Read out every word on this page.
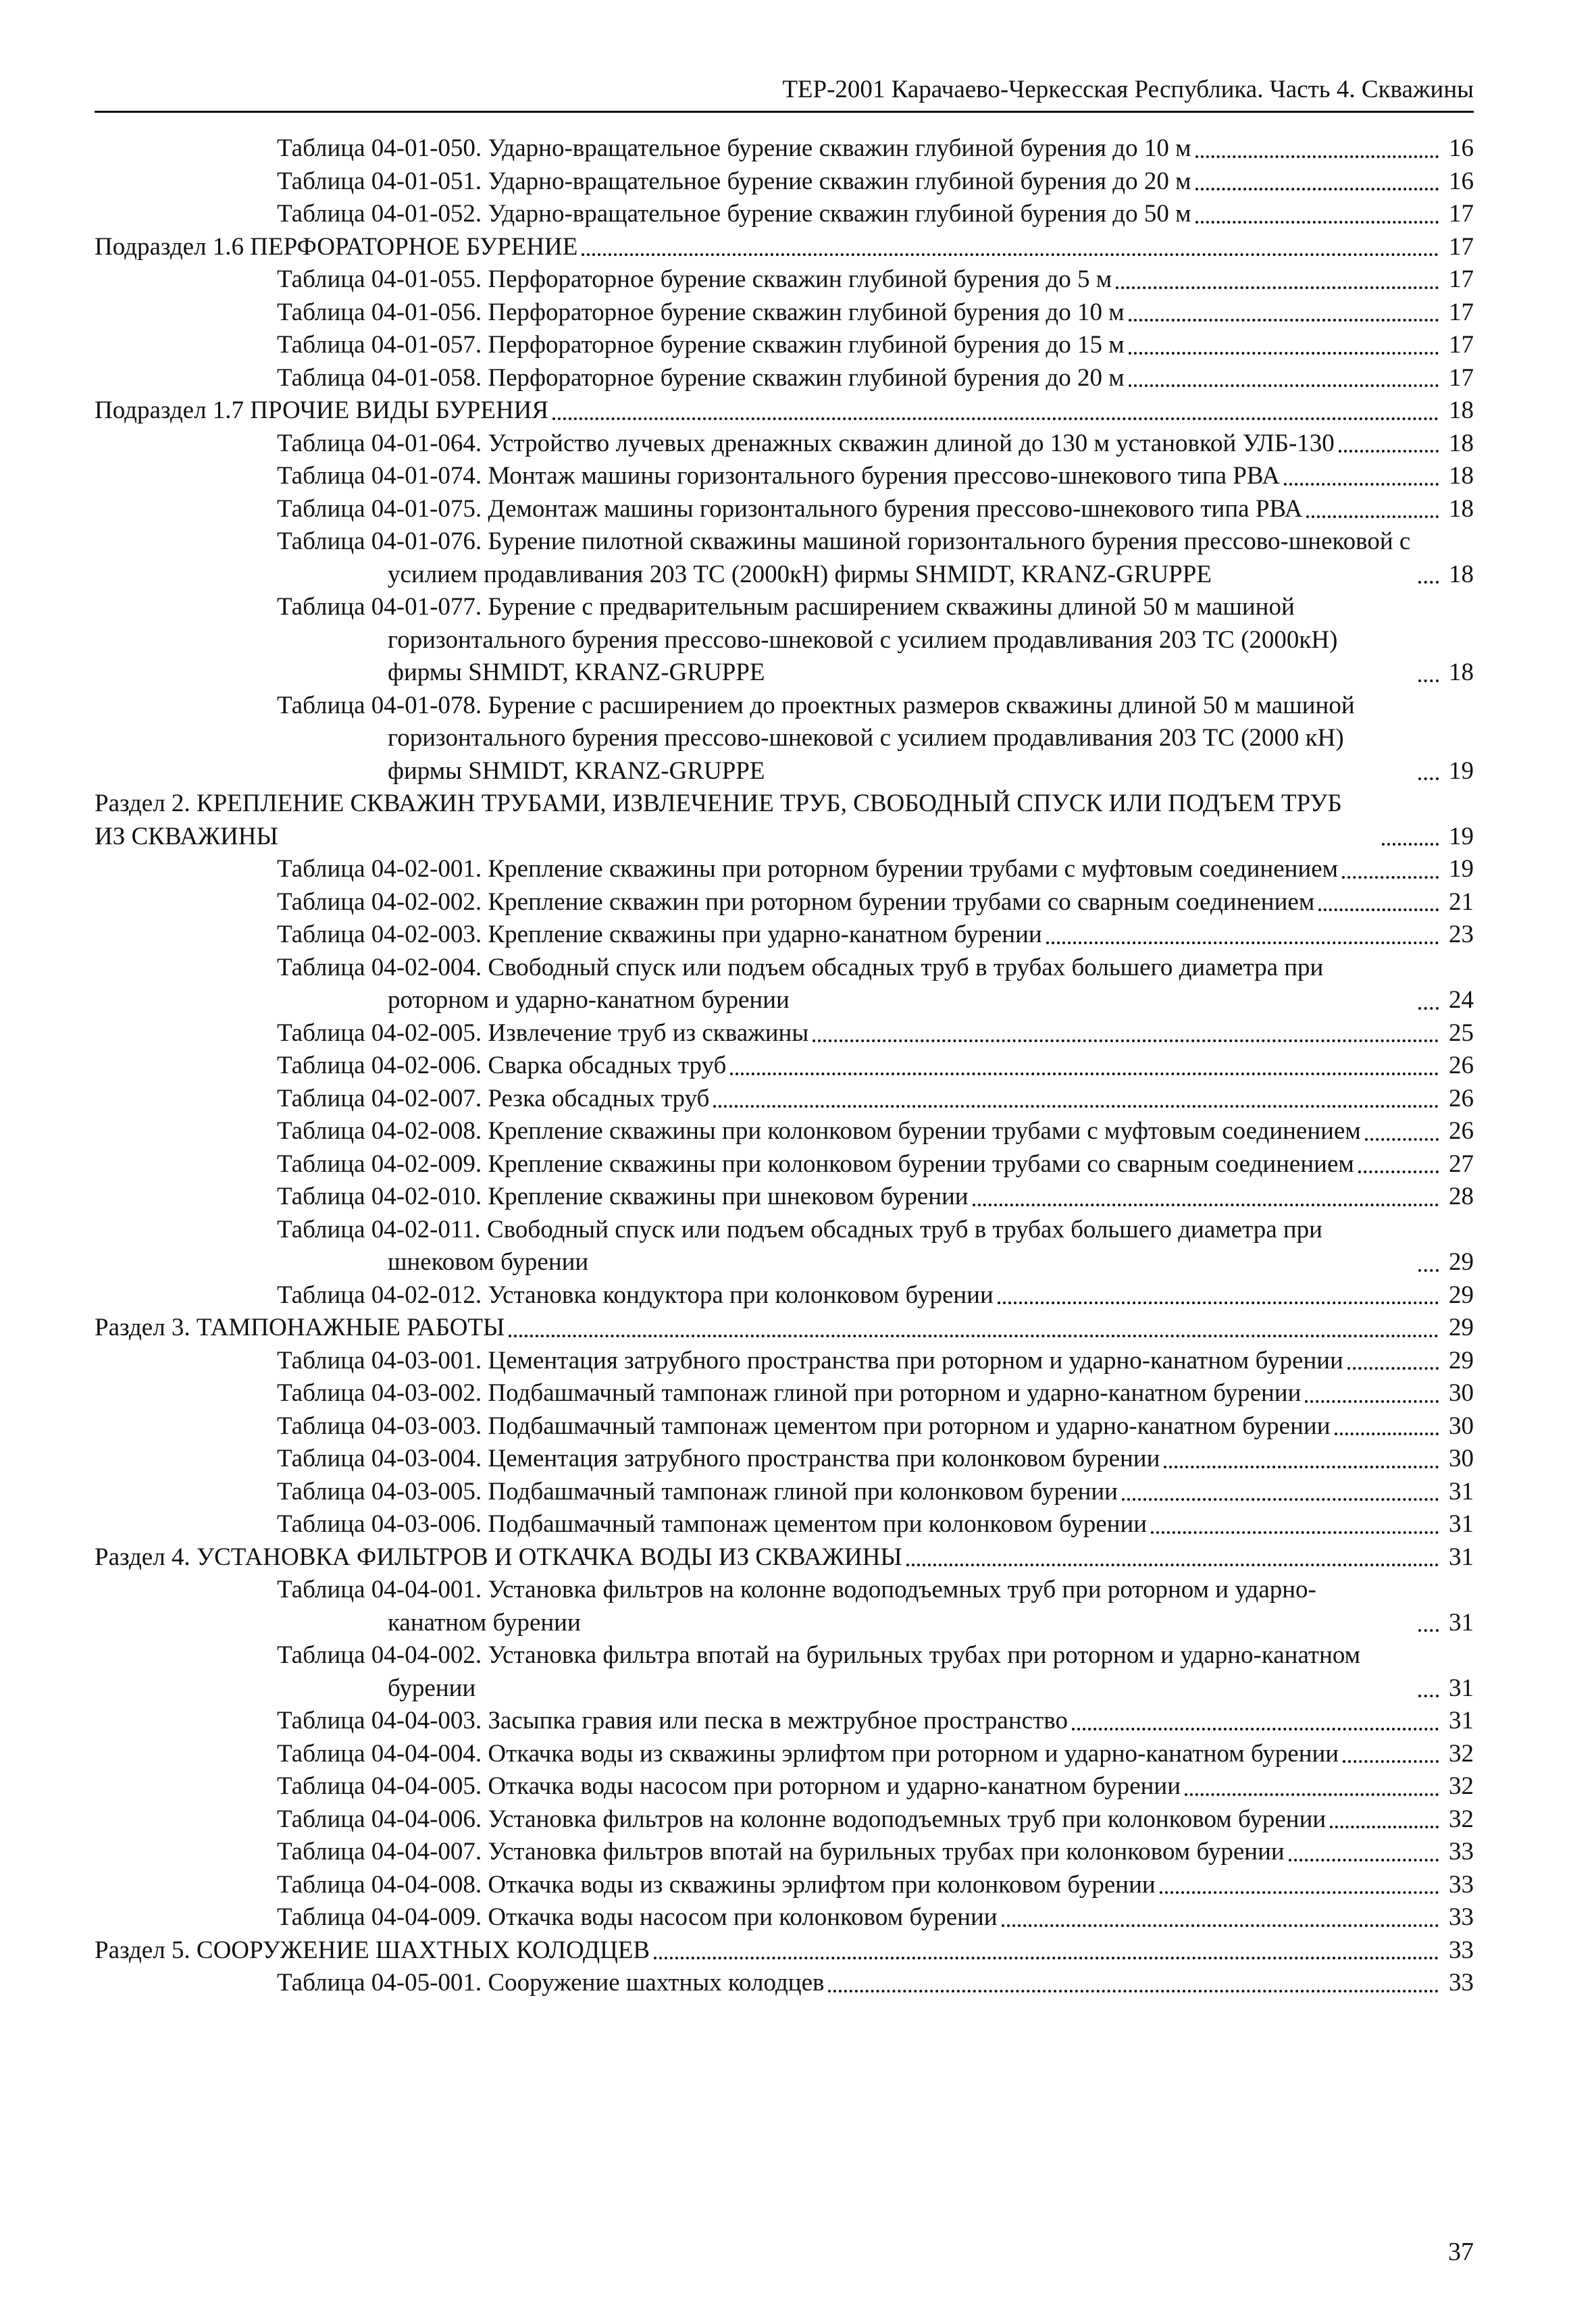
ТЕР-2001 Карачаево-Черкесская Республика. Часть 4. Скважины
Таблица 04-01-050. Ударно-вращательное бурение скважин глубиной бурения до 10 м	16
Таблица 04-01-051. Ударно-вращательное бурение скважин глубиной бурения до 20 м	16
Таблица 04-01-052. Ударно-вращательное бурение скважин глубиной бурения до 50 м	17
Подраздел 1.6 ПЕРФОРАТОРНОЕ БУРЕНИЕ	17
Таблица 04-01-055. Перфораторное бурение скважин глубиной бурения до 5 м	17
Таблица 04-01-056. Перфораторное бурение скважин глубиной бурения до 10 м	17
Таблица 04-01-057. Перфораторное бурение скважин глубиной бурения до 15 м	17
Таблица 04-01-058. Перфораторное бурение скважин глубиной бурения до 20 м	17
Подраздел 1.7 ПРОЧИЕ ВИДЫ БУРЕНИЯ	18
Таблица 04-01-064. Устройство лучевых дренажных скважин длиной до 130 м установкой УЛБ-130	18
Таблица 04-01-074. Монтаж машины горизонтального бурения прессово-шнекового типа РВА	18
Таблица 04-01-075. Демонтаж машины горизонтального бурения прессово-шнекового типа РВА	18
Таблица 04-01-076. Бурение пилотной скважины машиной горизонтального бурения прессово-шнековой с усилием продавливания 203 ТС (2000кН) фирмы SHMIDT, KRANZ-GRUPPE	18
Таблица 04-01-077. Бурение с предварительным расширением скважины длиной 50 м машиной горизонтального бурения прессово-шнековой с усилием продавливания 203 ТС (2000кН) фирмы SHMIDT, KRANZ-GRUPPE	18
Таблица 04-01-078. Бурение с расширением до проектных размеров скважины длиной 50 м машиной горизонтального бурения прессово-шнековой с усилием продавливания 203 ТС (2000 кН) фирмы SHMIDT, KRANZ-GRUPPE	19
Раздел 2. КРЕПЛЕНИЕ СКВАЖИН ТРУБАМИ, ИЗВЛЕЧЕНИЕ ТРУБ, СВОБОДНЫЙ СПУСК ИЛИ ПОДЪЕМ ТРУБ ИЗ СКВАЖИНЫ	19
Таблица 04-02-001. Крепление скважины при роторном бурении трубами с муфтовым соединением	19
Таблица 04-02-002. Крепление скважин при роторном бурении трубами со сварным соединением	21
Таблица 04-02-003. Крепление скважины при ударно-канатном бурении	23
Таблица 04-02-004. Свободный спуск или подъем обсадных труб в трубах большего диаметра при роторном и ударно-канатном бурении	24
Таблица 04-02-005. Извлечение труб из скважины	25
Таблица 04-02-006. Сварка обсадных труб	26
Таблица 04-02-007. Резка обсадных труб	26
Таблица 04-02-008. Крепление скважины при колонковом бурении трубами с муфтовым соединением	26
Таблица 04-02-009. Крепление скважины при колонковом бурении трубами со сварным соединением	27
Таблица 04-02-010. Крепление скважины при шнековом бурении	28
Таблица 04-02-011. Свободный спуск или подъем обсадных труб в трубах большего диаметра при шнековом бурении	29
Таблица 04-02-012. Установка кондуктора при колонковом бурении	29
Раздел 3. ТАМПОНАЖНЫЕ РАБОТЫ	29
Таблица 04-03-001. Цементация затрубного пространства при роторном и ударно-канатном бурении	29
Таблица 04-03-002. Подбашмачный тампонаж глиной при роторном и ударно-канатном бурении	30
Таблица 04-03-003. Подбашмачный тампонаж цементом при роторном и ударно-канатном бурении	30
Таблица 04-03-004. Цементация затрубного пространства при колонковом бурении	30
Таблица 04-03-005. Подбашмачный тампонаж глиной при колонковом бурении	31
Таблица 04-03-006. Подбашмачный тампонаж цементом при колонковом бурении	31
Раздел 4. УСТАНОВКА ФИЛЬТРОВ И ОТКАЧКА ВОДЫ ИЗ СКВАЖИНЫ	31
Таблица 04-04-001. Установка фильтров на колонне водоподъемных труб при роторном и ударно-канатном бурении	31
Таблица 04-04-002. Установка фильтра впотай на бурильных трубах при роторном и ударно-канатном бурении	31
Таблица 04-04-003. Засыпка гравия или песка в межтрубное пространство	31
Таблица 04-04-004. Откачка воды из скважины эрлифтом при роторном и ударно-канатном бурении	32
Таблица 04-04-005. Откачка воды насосом при роторном и ударно-канатном бурении	32
Таблица 04-04-006. Установка фильтров на колонне водоподъемных труб при колонковом бурении	32
Таблица 04-04-007. Установка фильтров впотай на бурильных трубах при колонковом бурении	33
Таблица 04-04-008. Откачка воды из скважины эрлифтом при колонковом бурении	33
Таблица 04-04-009. Откачка воды насосом при колонковом бурении	33
Раздел 5. СООРУЖЕНИЕ ШАХТНЫХ КОЛОДЦЕВ	33
Таблица 04-05-001. Сооружение шахтных колодцев	33
37
